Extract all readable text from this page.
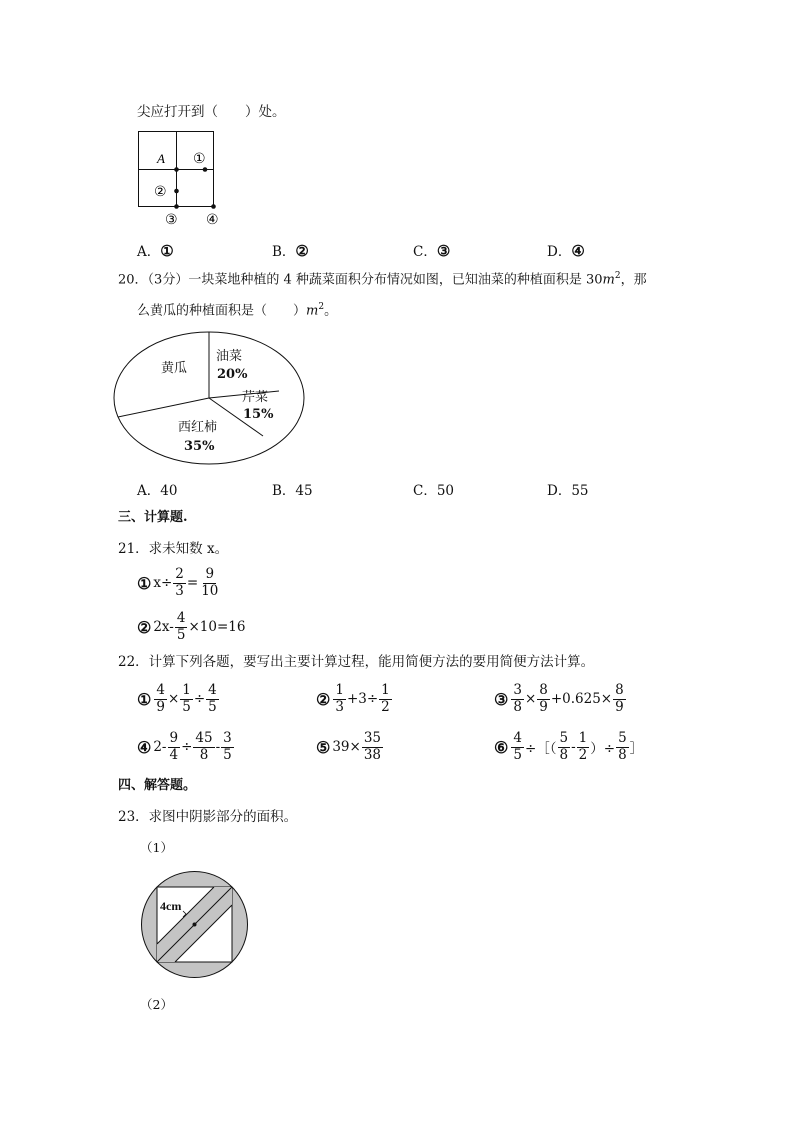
尖应打开到（　　）处。
A ①
②
③ ④
A．①	B．②	C．③	D．④
20．（3分）一块菜地种植的 4 种蔬菜面积分布情况如图，已知油菜的种植面积是 $30m^2$，那
么黄瓜的种植面积是（　　）$m^2$。
黄瓜
油菜
20%
芹菜
15%
西红柿
35%
A．40	B．45	C．50	D．55
三、计算题.
21．求未知数 x。
① $x\div \frac{2}{3} = \frac{9}{10}$
② $2x- \frac{4}{5} \times 10=16$
22．计算下列各题，要写出主要计算过程，能用简便方法的要用简便方法计算。
① $\frac{4}{9} \times \frac{1}{5} \div \frac{4}{5}$	② $\frac{1}{3} +3\div \frac{1}{2}$	③ $\frac{3}{8} \times \frac{8}{9} +0.625\times \frac{8}{9}$
④ $2- \frac{9}{4} \div \frac{45}{8} - \frac{3}{5}$	⑤ $39\times \frac{35}{38}$	⑥ $\frac{4}{5}$ ÷［（ $\frac{5}{8} - \frac{1}{2}$ ）÷ $\frac{5}{8}$ ］
四、解答题。
23．求图中阴影部分的面积。
（1）
4cm
（2）
